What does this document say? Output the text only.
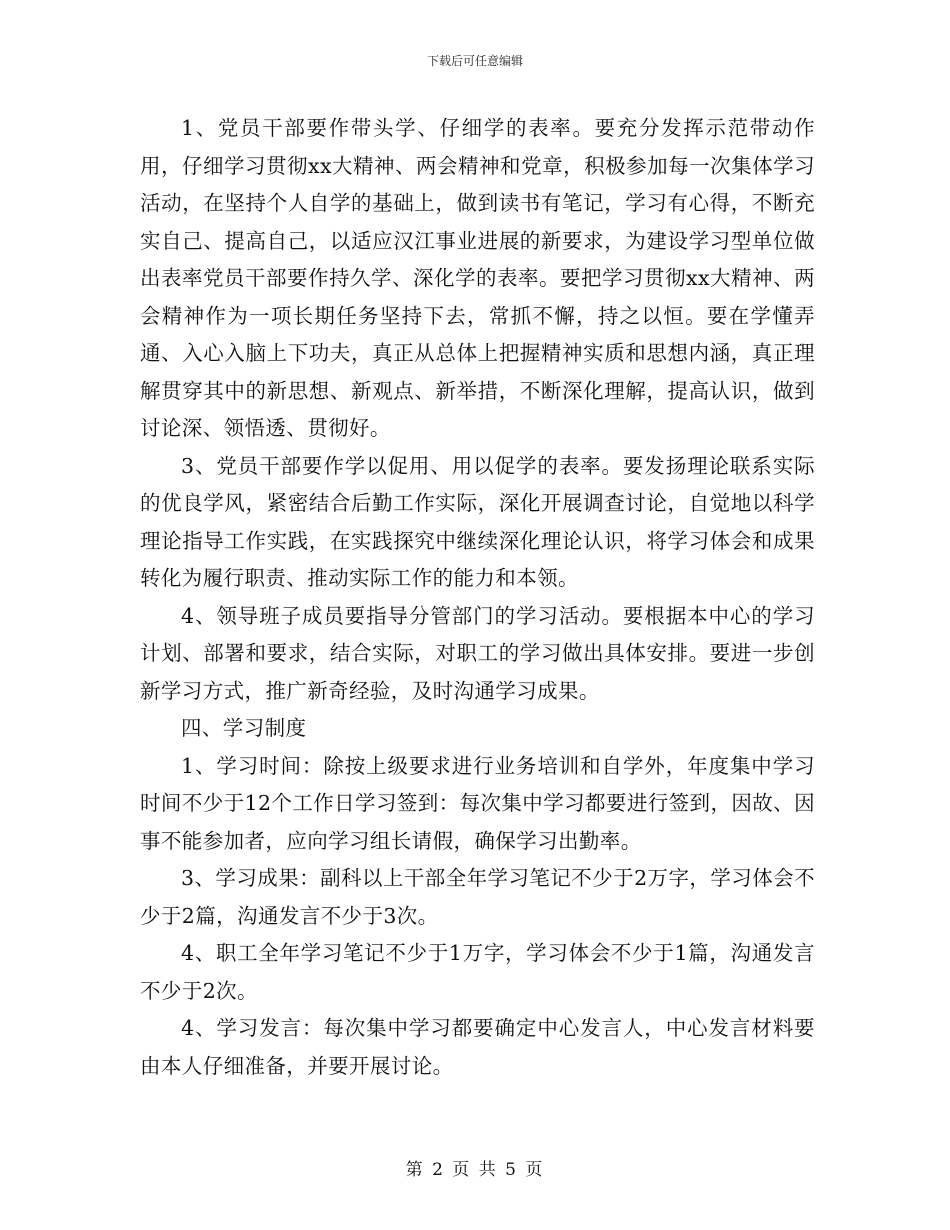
下载后可任意编辑

1、党员干部要作带头学、仔细学的表率。要充分发挥示范带动作用，仔细学习贯彻xx大精神、两会精神和党章，积极参加每一次集体学习活动，在坚持个人自学的基础上，做到读书有笔记，学习有心得，不断充实自己、提高自己，以适应汉江事业进展的新要求，为建设学习型单位做出表率党员干部要作持久学、深化学的表率。要把学习贯彻xx大精神、两会精神作为一项长期任务坚持下去，常抓不懈，持之以恒。要在学懂弄通、入心入脑上下功夫，真正从总体上把握精神实质和思想内涵，真正理解贯穿其中的新思想、新观点、新举措，不断深化理解，提高认识，做到讨论深、领悟透、贯彻好。

3、党员干部要作学以促用、用以促学的表率。要发扬理论联系实际的优良学风，紧密结合后勤工作实际，深化开展调查讨论，自觉地以科学理论指导工作实践，在实践探究中继续深化理论认识，将学习体会和成果转化为履行职责、推动实际工作的能力和本领。

4、领导班子成员要指导分管部门的学习活动。要根据本中心的学习计划、部署和要求，结合实际，对职工的学习做出具体安排。要进一步创新学习方式，推广新奇经验，及时沟通学习成果。

四、学习制度

1、学习时间：除按上级要求进行业务培训和自学外，年度集中学习时间不少于12个工作日学习签到：每次集中学习都要进行签到，因故、因事不能参加者，应向学习组长请假，确保学习出勤率。

3、学习成果：副科以上干部全年学习笔记不少于2万字，学习体会不少于2篇，沟通发言不少于3次。

4、职工全年学习笔记不少于1万字，学习体会不少于1篇，沟通发言不少于2次。

4、学习发言：每次集中学习都要确定中心发言人，中心发言材料要由本人仔细准备，并要开展讨论。

第 2 页 共 5 页
